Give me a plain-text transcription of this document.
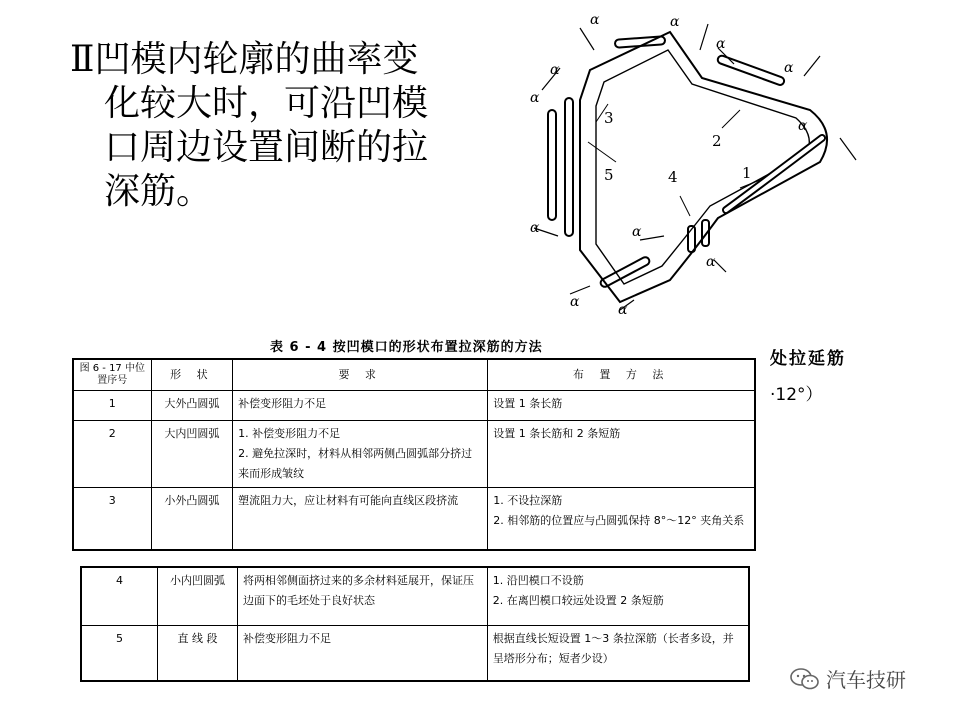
Ⅱ凹模内轮廓的曲率变
化较大时，可沿凹模
口周边设置间断的拉
深筋。
α	α
α
α
α
α
α
α	α
α
α	α
1
2
3
4
5
表 6 - 4 按凹模口的形状布置拉深筋的方法
处拉延筋
·12°）
图 6 - 17 中位置序号	形 状	要 求	布 置 方 法
1	大外凸圆弧	补偿变形阻力不足	设置 1 条长筋
2	大内凹圆弧	1. 补偿变形阻力不足
2. 避免拉深时，材料从相邻两侧凸圆弧部分挤过来而形成皱纹	设置 1 条长筋和 2 条短筋
3	小外凸圆弧	塑流阻力大，应让材料有可能向直线区段挤流	1. 不设拉深筋
2. 相邻筋的位置应与凸圆弧保持 8°～12° 夹角关系
4	小内凹圆弧	将两相邻侧面挤过来的多余材料延展开，保证压边面下的毛坯处于良好状态	1. 沿凹模口不设筋
2. 在离凹模口较远处设置 2 条短筋
5	直 线 段	补偿变形阻力不足	根据直线长短设置 1～3 条拉深筋（长者多设，并呈塔形分布；短者少设）
汽车技研
